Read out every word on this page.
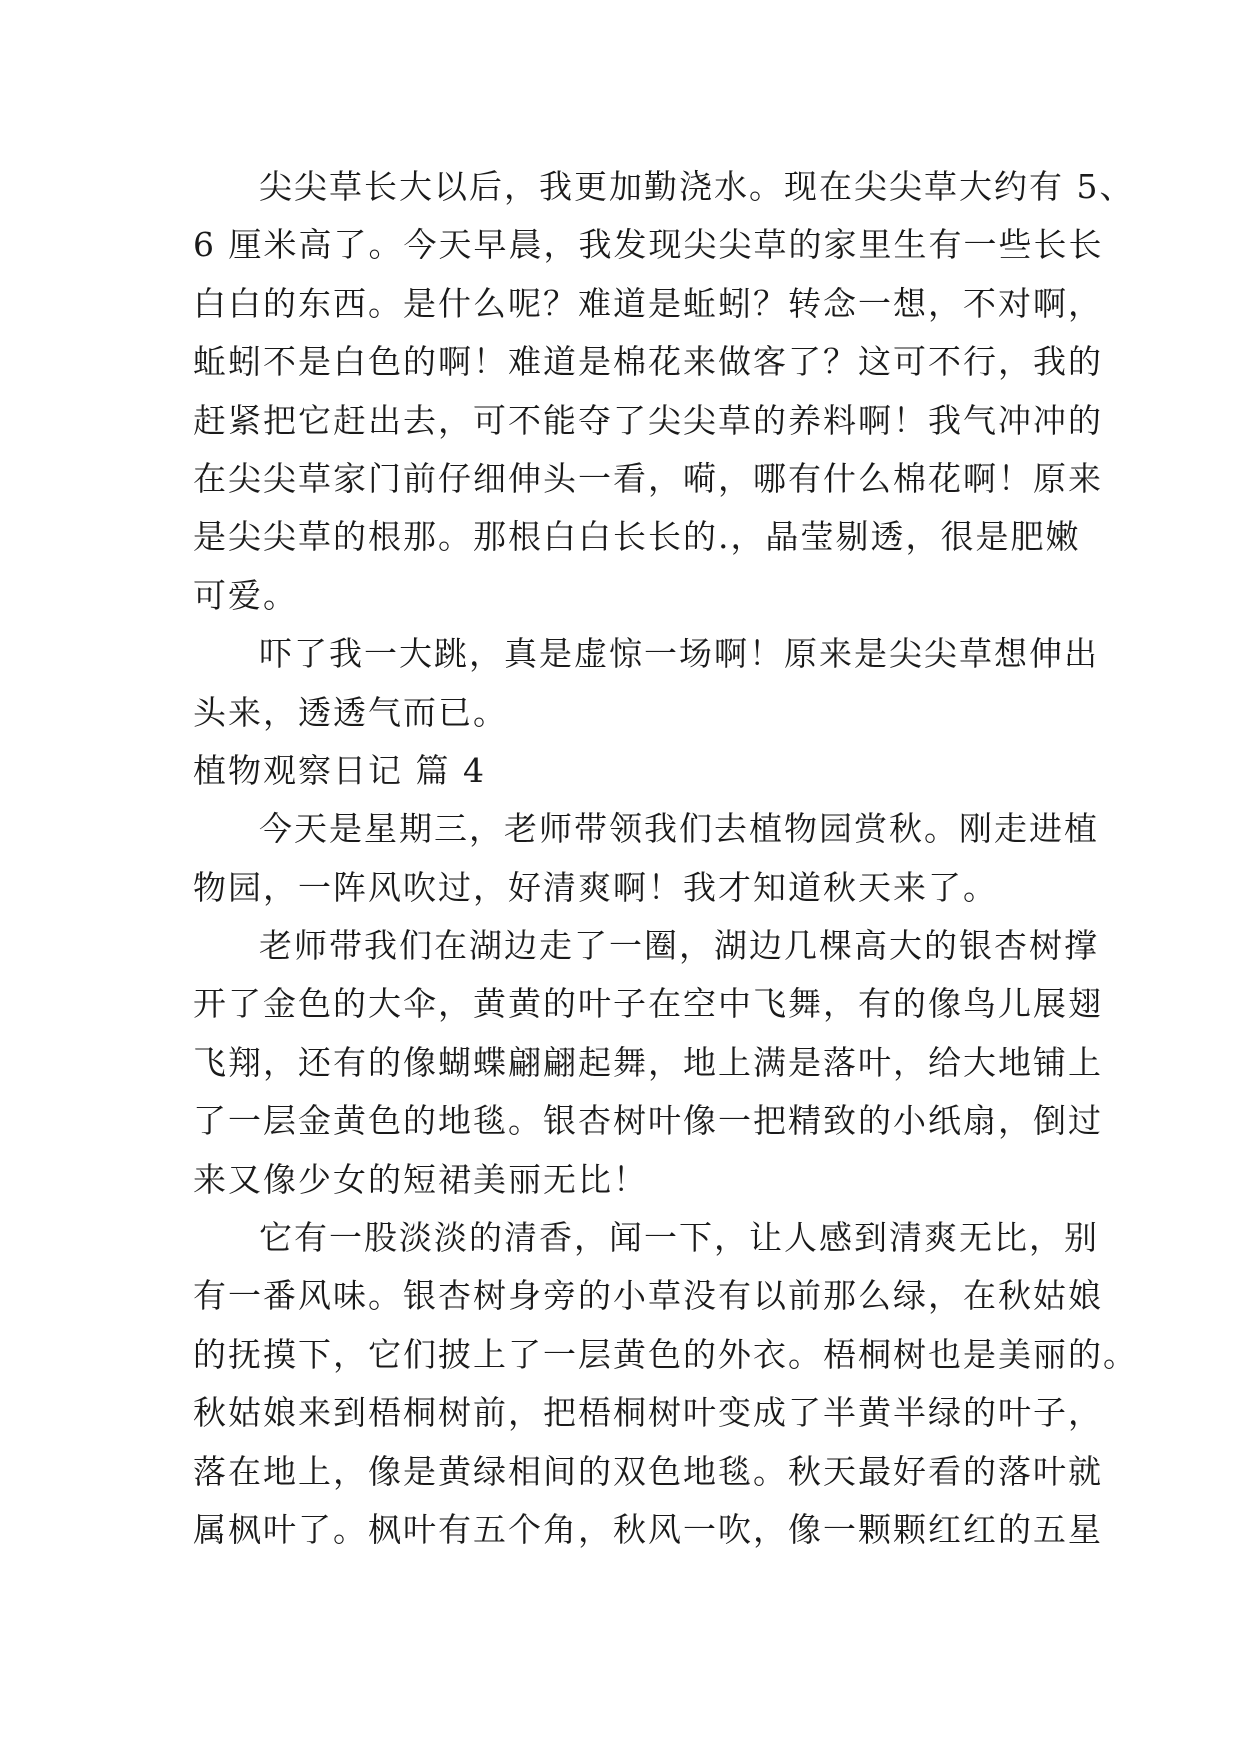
尖尖草长大以后，我更加勤浇水。现在尖尖草大约有 5、
6 厘米高了。今天早晨，我发现尖尖草的家里生有一些长长
白白的东西。是什么呢？难道是蚯蚓？转念一想，不对啊，
蚯蚓不是白色的啊！难道是棉花来做客了？这可不行，我的
赶紧把它赶出去，可不能夺了尖尖草的养料啊！我气冲冲的
在尖尖草家门前仔细伸头一看，嗬，哪有什么棉花啊！原来
是尖尖草的根那。那根白白长长的.，晶莹剔透，很是肥嫩
可爱。
吓了我一大跳，真是虚惊一场啊！原来是尖尖草想伸出
头来，透透气而已。
植物观察日记 篇 4
今天是星期三，老师带领我们去植物园赏秋。刚走进植
物园，一阵风吹过，好清爽啊！我才知道秋天来了。
老师带我们在湖边走了一圈，湖边几棵高大的银杏树撑
开了金色的大伞，黄黄的叶子在空中飞舞，有的像鸟儿展翅
飞翔，还有的像蝴蝶翩翩起舞，地上满是落叶，给大地铺上
了一层金黄色的地毯。银杏树叶像一把精致的小纸扇，倒过
来又像少女的短裙美丽无比！
它有一股淡淡的清香，闻一下，让人感到清爽无比，别
有一番风味。银杏树身旁的小草没有以前那么绿，在秋姑娘
的抚摸下，它们披上了一层黄色的外衣。梧桐树也是美丽的。
秋姑娘来到梧桐树前，把梧桐树叶变成了半黄半绿的叶子，
落在地上，像是黄绿相间的双色地毯。秋天最好看的落叶就
属枫叶了。枫叶有五个角，秋风一吹，像一颗颗红红的五星
